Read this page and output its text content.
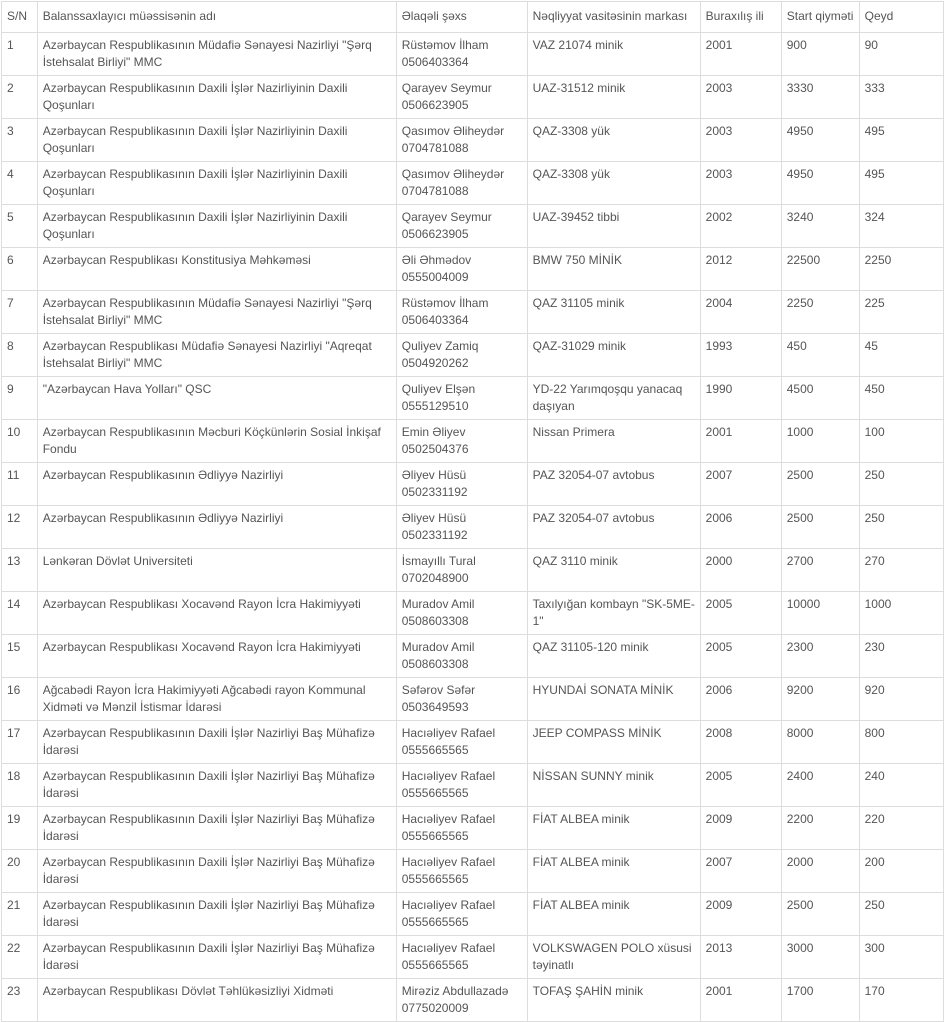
S/N	Balanssaxlayıcı müəssisənin adı	Əlaqəli şəxs	Nəqliyyat vasitəsinin markası	Buraxılış ili	Start qiyməti	Qeyd
1	Azərbaycan Respublikasının Müdafiə Sənayesi Nazirliyi "Şərq İstehsalat Birliyi" MMC	Rüstəmov İlham 0506403364	VAZ 21074 minik	2001	900	90
2	Azərbaycan Respublikasının Daxili İşlər Nazirliyinin Daxili Qoşunları	Qarayev Seymur 0506623905	UAZ-31512 minik	2003	3330	333
3	Azərbaycan Respublikasının Daxili İşlər Nazirliyinin Daxili Qoşunları	Qasımov Əliheydər 0704781088	QAZ-3308 yük	2003	4950	495
4	Azərbaycan Respublikasının Daxili İşlər Nazirliyinin Daxili Qoşunları	Qasımov Əliheydər 0704781088	QAZ-3308 yük	2003	4950	495
5	Azərbaycan Respublikasının Daxili İşlər Nazirliyinin Daxili Qoşunları	Qarayev Seymur 0506623905	UAZ-39452 tibbi	2002	3240	324
6	Azərbaycan Respublikası Konstitusiya Məhkəməsi	Əli Əhmədov 0555004009	BMW 750 MİNİK	2012	22500	2250
7	Azərbaycan Respublikasının Müdafiə Sənayesi Nazirliyi "Şərq İstehsalat Birliyi" MMC	Rüstəmov İlham 0506403364	QAZ 31105 minik	2004	2250	225
8	Azərbaycan Respublikası Müdafiə Sənayesi Nazirliyi "Aqreqat İstehsalat Birliyi" MMC	Quliyev Zamiq 0504920262	QAZ-31029 minik	1993	450	45
9	"Azərbaycan Hava Yolları" QSC	Quliyev Elşən 0555129510	YD-22 Yarımqoşqu yanacaq daşıyan	1990	4500	450
10	Azərbaycan Respublikasının Məcburi Köçkünlərin Sosial İnkişaf Fondu	Emin Əliyev 0502504376	Nissan Primera	2001	1000	100
11	Azərbaycan Respublikasının Ədliyyə Nazirliyi	Əliyev Hüsü 0502331192	PAZ 32054-07 avtobus	2007	2500	250
12	Azərbaycan Respublikasının Ədliyyə Nazirliyi	Əliyev Hüsü 0502331192	PAZ 32054-07 avtobus	2006	2500	250
13	Lənkəran Dövlət Universiteti	İsmayıllı Tural 0702048900	QAZ 3110 minik	2000	2700	270
14	Azərbaycan Respublikası Xocavənd Rayon İcra Hakimiyyəti	Muradov Amil 0508603308	Taxılyığan kombayn "SK-5ME-1"	2005	10000	1000
15	Azərbaycan Respublikası Xocavənd Rayon İcra Hakimiyyəti	Muradov Amil 0508603308	QAZ 31105-120 minik	2005	2300	230
16	Ağcabədi Rayon İcra Hakimiyyəti Ağcabədi rayon Kommunal Xidməti və Mənzil İstismar İdarəsi	Səfərov Səfər 0503649593	HYUNDAİ SONATA MİNİK	2006	9200	920
17	Azərbaycan Respublikasının Daxili İşlər Nazirliyi Baş Mühafizə İdarəsi	Hacıəliyev Rafael 0555665565	JEEP COMPASS MİNİK	2008	8000	800
18	Azərbaycan Respublikasının Daxili İşlər Nazirliyi Baş Mühafizə İdarəsi	Hacıəliyev Rafael 0555665565	NİSSAN SUNNY minik	2005	2400	240
19	Azərbaycan Respublikasının Daxili İşlər Nazirliyi Baş Mühafizə İdarəsi	Hacıəliyev Rafael 0555665565	FİAT ALBEA minik	2009	2200	220
20	Azərbaycan Respublikasının Daxili İşlər Nazirliyi Baş Mühafizə İdarəsi	Hacıəliyev Rafael 0555665565	FİAT ALBEA minik	2007	2000	200
21	Azərbaycan Respublikasının Daxili İşlər Nazirliyi Baş Mühafizə İdarəsi	Hacıəliyev Rafael 0555665565	FİAT ALBEA minik	2009	2500	250
22	Azərbaycan Respublikasının Daxili İşlər Nazirliyi Baş Mühafizə İdarəsi	Hacıəliyev Rafael 0555665565	VOLKSWAGEN POLO xüsusi təyinatlı	2013	3000	300
23	Azərbaycan Respublikası Dövlət Təhlükəsizliyi Xidməti	Mirəziz Abdullazadə 0775020009	TOFAŞ ŞAHİN minik	2001	1700	170
